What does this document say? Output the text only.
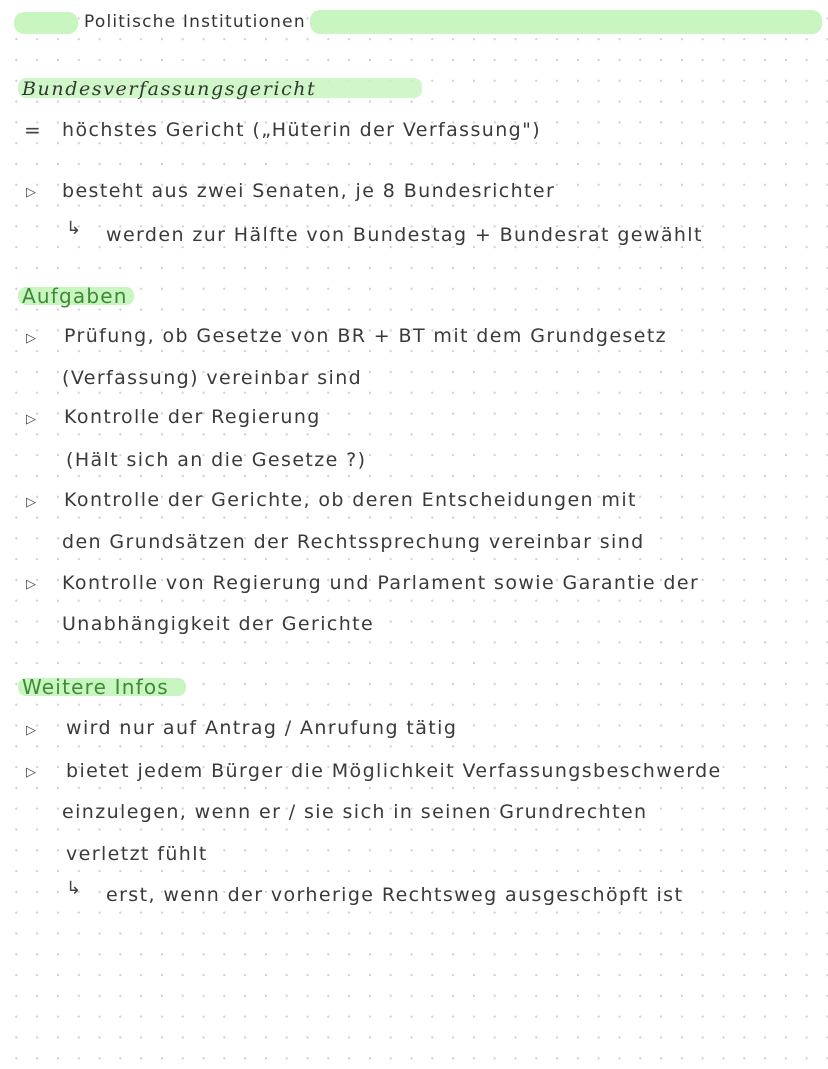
Politische Institutionen
Bundesverfassungsgericht
= höchstes Gericht („Hüterin der Verfassung")
▷ besteht aus zwei Senaten, je 8 Bundesrichter
↳ werden zur Hälfte von Bundestag + Bundesrat gewählt
Aufgaben
▷ Prüfung, ob Gesetze von BR + BT mit dem Grundgesetz
(Verfassung) vereinbar sind
▷ Kontrolle der Regierung
(Hält sich an die Gesetze ?)
▷ Kontrolle der Gerichte, ob deren Entscheidungen mit
den Grundsätzen der Rechtssprechung vereinbar sind
▷ Kontrolle von Regierung und Parlament sowie Garantie der
Unabhängigkeit der Gerichte
Weitere Infos
▷ wird nur auf Antrag / Anrufung tätig
▷ bietet jedem Bürger die Möglichkeit Verfassungsbeschwerde
einzulegen, wenn er / sie sich in seinen Grundrechten
verletzt fühlt
↳ erst, wenn der vorherige Rechtsweg ausgeschöpft ist
